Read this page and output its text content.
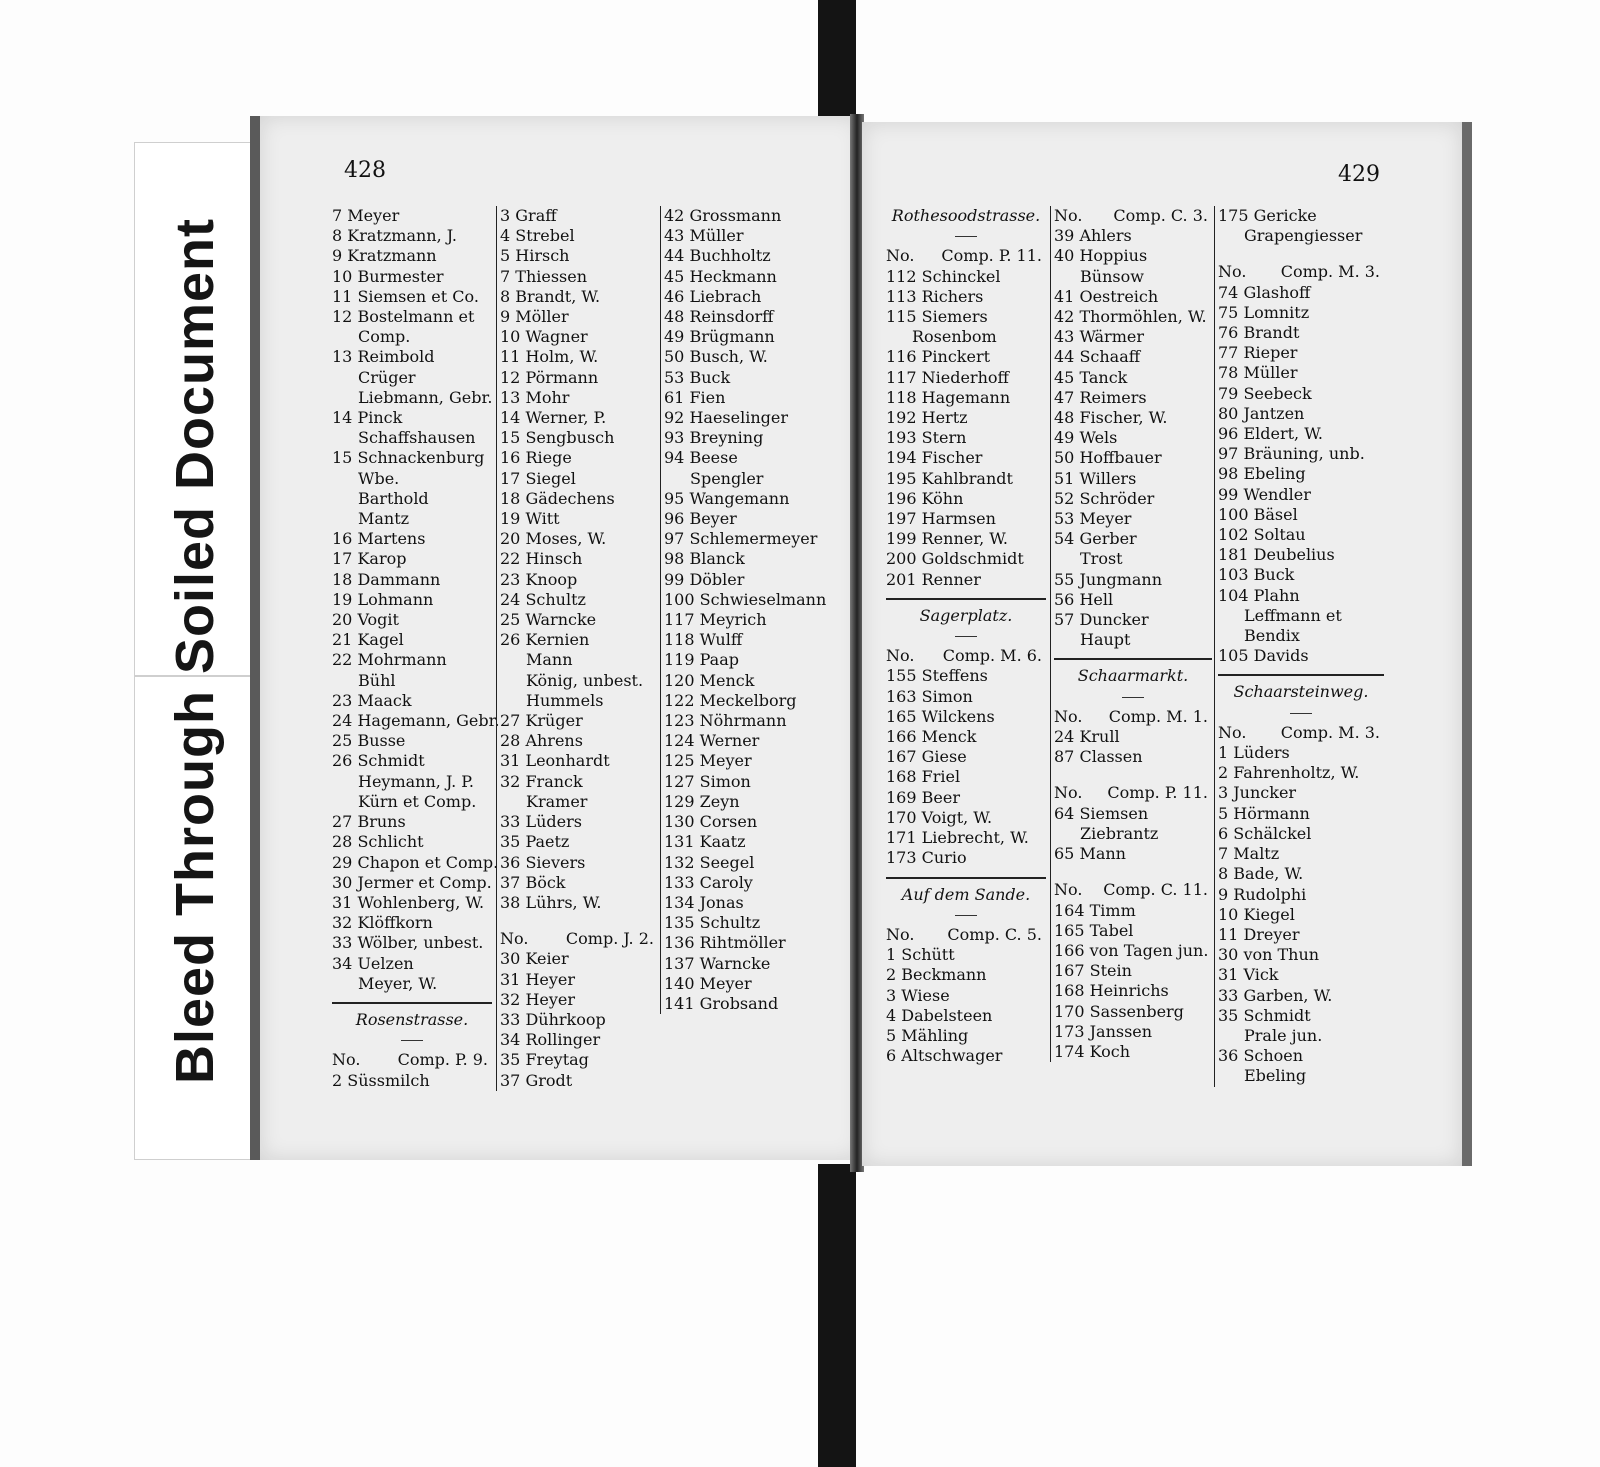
Bleed Through Soiled Document
428
7 Meyer
8 Kratzmann, J.
9 Kratzmann
10 Burmester
11 Siemsen et Co.
12 Bostelmann et
Comp.
13 Reimbold
Crüger
Liebmann, Gebr.
14 Pinck
Schaffshausen
15 Schnackenburg
Wbe.
Barthold
Mantz
16 Martens
17 Karop
18 Dammann
19 Lohmann
20 Vogit
21 Kagel
22 Mohrmann
Bühl
23 Maack
24 Hagemann, Gebr.
25 Busse
26 Schmidt
Heymann, J. P.
Kürn et Comp.
27 Bruns
28 Schlicht
29 Chapon et Comp.
30 Jermer et Comp.
31 Wohlenberg, W.
32 Klöffkorn
33 Wölber, unbest.
34 Uelzen
Meyer, W.
Rosenstrasse.
No. Comp. P. 9.
2 Süssmilch
3 Graff
4 Strebel
5 Hirsch
7 Thiessen
8 Brandt, W.
9 Möller
10 Wagner
11 Holm, W.
12 Pörmann
13 Mohr
14 Werner, P.
15 Sengbusch
16 Riege
17 Siegel
18 Gädechens
19 Witt
20 Moses, W.
22 Hinsch
23 Knoop
24 Schultz
25 Warncke
26 Kernien
Mann
König, unbest.
Hummels
27 Krüger
28 Ahrens
31 Leonhardt
32 Franck
Kramer
33 Lüders
35 Paetz
36 Sievers
37 Böck
38 Lührs, W.
No. Comp. J. 2.
30 Keier
31 Heyer
32 Heyer
33 Dührkoop
34 Rollinger
35 Freytag
37 Grodt
42 Grossmann
43 Müller
44 Buchholtz
45 Heckmann
46 Liebrach
48 Reinsdorff
49 Brügmann
50 Busch, W.
53 Buck
61 Fien
92 Haeselinger
93 Breyning
94 Beese
Spengler
95 Wangemann
96 Beyer
97 Schlemermeyer
98 Blanck
99 Döbler
100 Schwieselmann
117 Meyrich
118 Wulff
119 Paap
120 Menck
122 Meckelborg
123 Nöhrmann
124 Werner
125 Meyer
127 Simon
129 Zeyn
130 Corsen
131 Kaatz
132 Seegel
133 Caroly
134 Jonas
135 Schultz
136 Rihtmöller
137 Warncke
140 Meyer
141 Grobsand
429
Rothesoodstrasse.
No. Comp. P. 11.
112 Schinckel
113 Richers
115 Siemers
Rosenbom
116 Pinckert
117 Niederhoff
118 Hagemann
192 Hertz
193 Stern
194 Fischer
195 Kahlbrandt
196 Köhn
197 Harmsen
199 Renner, W.
200 Goldschmidt
201 Renner
Sagerplatz.
No. Comp. M. 6.
155 Steffens
163 Simon
165 Wilckens
166 Menck
167 Giese
168 Friel
169 Beer
170 Voigt, W.
171 Liebrecht, W.
173 Curio
Auf dem Sande.
No. Comp. C. 5.
1 Schütt
2 Beckmann
3 Wiese
4 Dabelsteen
5 Mähling
6 Altschwager
No. Comp. C. 3.
39 Ahlers
40 Hoppius
Bünsow
41 Oestreich
42 Thormöhlen, W.
43 Wärmer
44 Schaaff
45 Tanck
47 Reimers
48 Fischer, W.
49 Wels
50 Hoffbauer
51 Willers
52 Schröder
53 Meyer
54 Gerber
Trost
55 Jungmann
56 Hell
57 Duncker
Haupt
Schaarmarkt.
No. Comp. M. 1.
24 Krull
87 Classen
No. Comp. P. 11.
64 Siemsen
Ziebrantz
65 Mann
No. Comp. C. 11.
164 Timm
165 Tabel
166 von Tagen jun.
167 Stein
168 Heinrichs
170 Sassenberg
173 Janssen
174 Koch
175 Gericke
Grapengiesser
No. Comp. M. 3.
74 Glashoff
75 Lomnitz
76 Brandt
77 Rieper
78 Müller
79 Seebeck
80 Jantzen
96 Eldert, W.
97 Bräuning, unb.
98 Ebeling
99 Wendler
100 Bäsel
102 Soltau
181 Deubelius
103 Buck
104 Plahn
Leffmann et
Bendix
105 Davids
Schaarsteinweg.
No. Comp. M. 3.
1 Lüders
2 Fahrenholtz, W.
3 Juncker
5 Hörmann
6 Schälckel
7 Maltz
8 Bade, W.
9 Rudolphi
10 Kiegel
11 Dreyer
30 von Thun
31 Vick
33 Garben, W.
35 Schmidt
Prale jun.
36 Schoen
Ebeling
